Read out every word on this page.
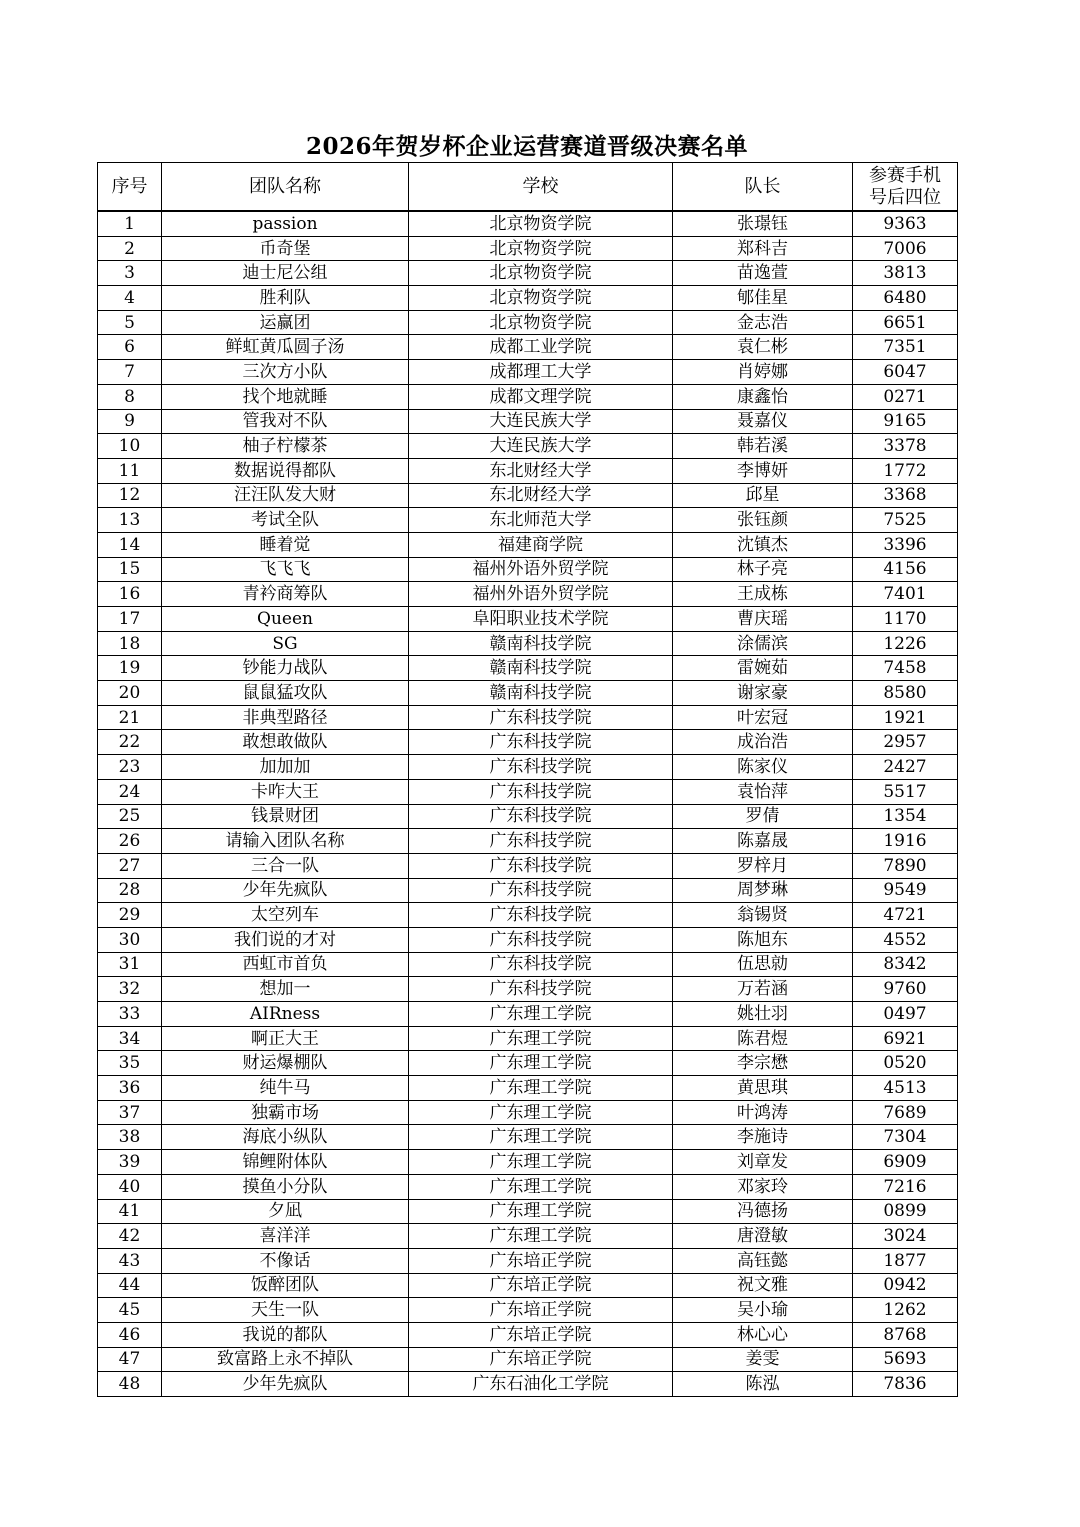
2026年贺岁杯企业运营赛道晋级决赛名单
序号	团队名称	学校	队长	参赛手机
号后四位
1	passion	北京物资学院	张璟钰	9363
2	币奇堡	北京物资学院	郑科吉	7006
3	迪士尼公组	北京物资学院	苗逸萱	3813
4	胜利队	北京物资学院	郇佳星	6480
5	运赢团	北京物资学院	金志浩	6651
6	鲜虹黄瓜圆子汤	成都工业学院	袁仁彬	7351
7	三次方小队	成都理工大学	肖婷娜	6047
8	找个地就睡	成都文理学院	康鑫怡	0271
9	管我对不队	大连民族大学	聂嘉仪	9165
10	柚子柠檬茶	大连民族大学	韩若溪	3378
11	数据说得都队	东北财经大学	李博妍	1772
12	汪汪队发大财	东北财经大学	邱星	3368
13	考试全队	东北师范大学	张钰颜	7525
14	睡着觉	福建商学院	沈镇杰	3396
15	飞飞飞	福州外语外贸学院	林子亮	4156
16	青衿商筹队	福州外语外贸学院	王成栋	7401
17	Queen	阜阳职业技术学院	曹庆瑶	1170
18	SG	赣南科技学院	涂儒滨	1226
19	钞能力战队	赣南科技学院	雷婉茹	7458
20	鼠鼠猛攻队	赣南科技学院	谢家豪	8580
21	非典型路径	广东科技学院	叶宏冠	1921
22	敢想敢做队	广东科技学院	成治浩	2957
23	加加加	广东科技学院	陈家仪	2427
24	卡咋大王	广东科技学院	袁怡萍	5517
25	钱景财团	广东科技学院	罗倩	1354
26	请输入团队名称	广东科技学院	陈嘉晟	1916
27	三合一队	广东科技学院	罗梓月	7890
28	少年先疯队	广东科技学院	周梦琳	9549
29	太空列车	广东科技学院	翁锡贤	4721
30	我们说的才对	广东科技学院	陈旭东	4552
31	西虹市首负	广东科技学院	伍思勍	8342
32	想加一	广东科技学院	万若涵	9760
33	AIRness	广东理工学院	姚壮羽	0497
34	啊正大王	广东理工学院	陈君煜	6921
35	财运爆棚队	广东理工学院	李宗懋	0520
36	纯牛马	广东理工学院	黄思琪	4513
37	独霸市场	广东理工学院	叶鸿涛	7689
38	海底小纵队	广东理工学院	李施诗	7304
39	锦鲤附体队	广东理工学院	刘章发	6909
40	摸鱼小分队	广东理工学院	邓家玲	7216
41	夕凪	广东理工学院	冯德扬	0899
42	喜洋洋	广东理工学院	唐澄敏	3024
43	不像话	广东培正学院	高钰懿	1877
44	饭醉团队	广东培正学院	祝文雅	0942
45	天生一队	广东培正学院	吴小瑜	1262
46	我说的都队	广东培正学院	林心心	8768
47	致富路上永不掉队	广东培正学院	姜雯	5693
48	少年先疯队	广东石油化工学院	陈泓	7836
